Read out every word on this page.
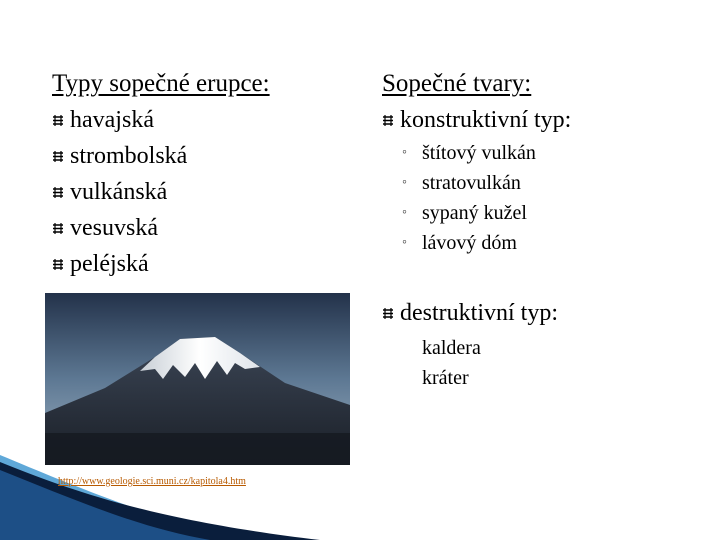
Typy sopečné erupce:
havajská
strombolská
vulkánská
vesuvská
peléjská
Sopečné tvary:
konstruktivní typ:
◦ štítový vulkán
◦ stratovulkán
◦ sypaný kužel
◦ lávový dóm
destruktivní typ:
kaldera
kráter
http://www.geologie.sci.muni.cz/kapitola4.htm
